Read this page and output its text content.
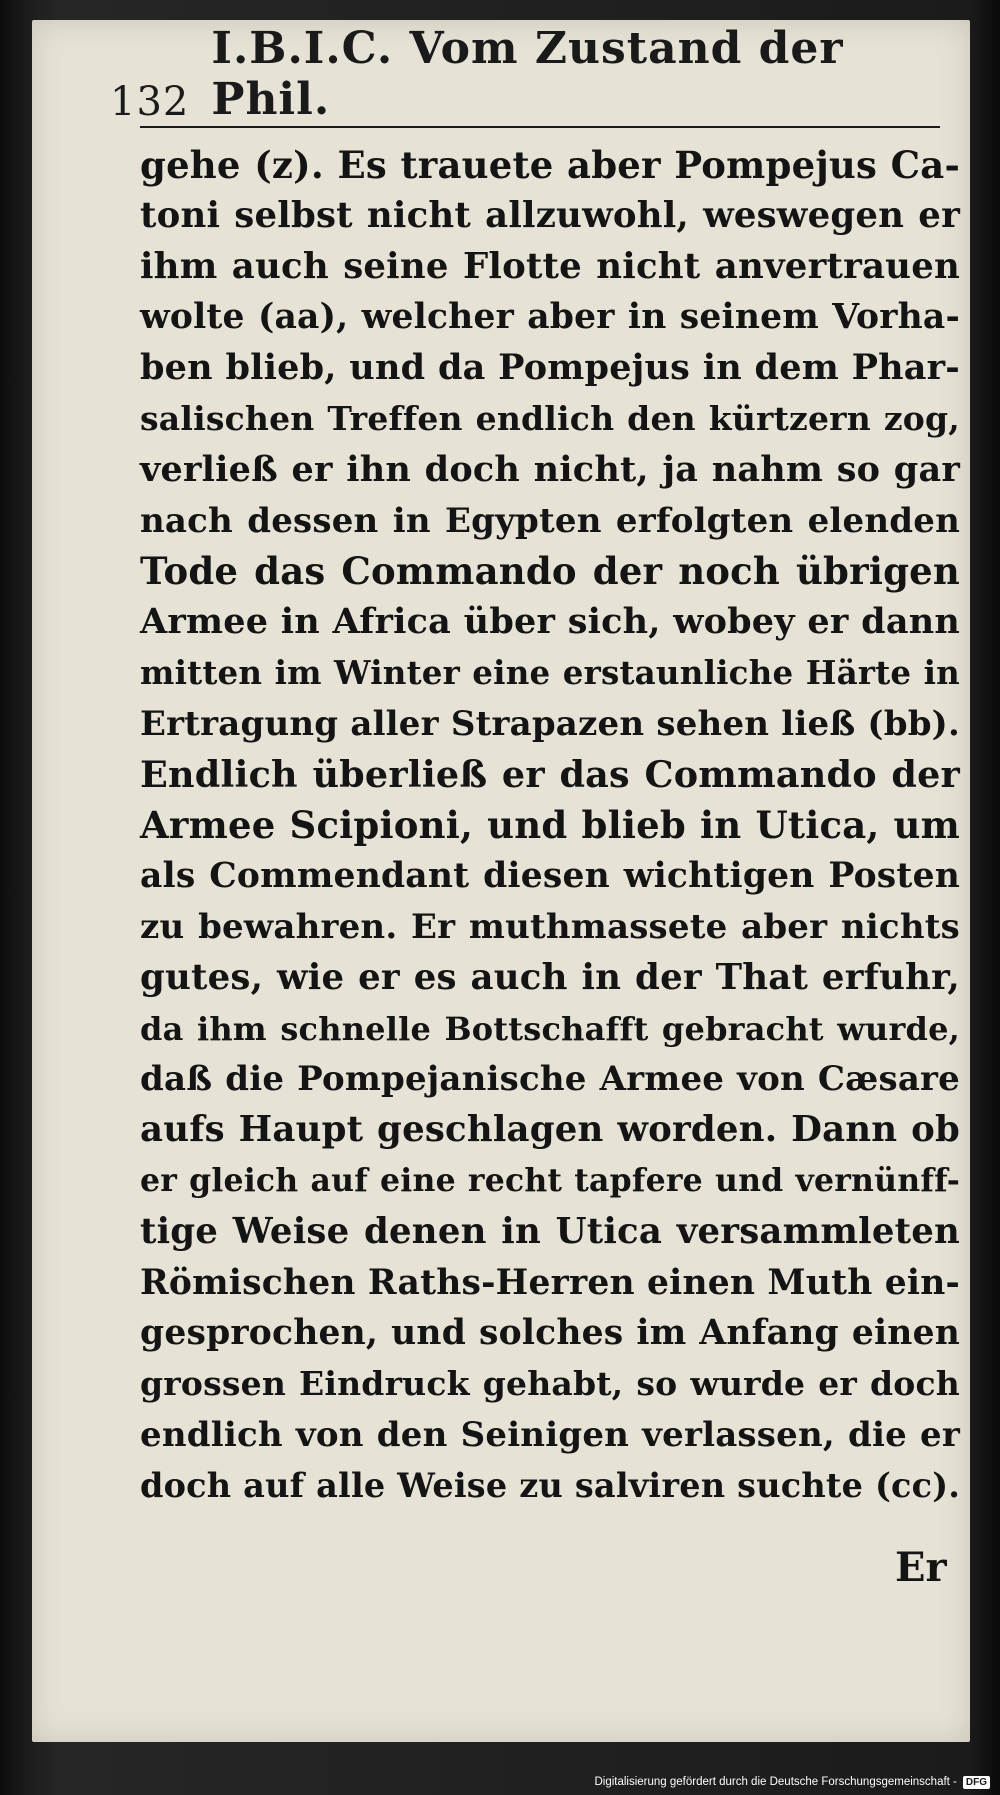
132
I.B.I.C. Vom Zustand der Phil.
gehe (z). Es trauete aber Pompejus Ca-
toni selbst nicht allzuwohl, weswegen er
ihm auch seine Flotte nicht anvertrauen
wolte (aa), welcher aber in seinem Vorha-
ben blieb, und da Pompejus in dem Phar-
salischen Treffen endlich den kürtzern zog,
verließ er ihn doch nicht, ja nahm so gar
nach dessen in Egypten erfolgten elenden
Tode das Commando der noch übrigen
Armee in Africa über sich, wobey er dann
mitten im Winter eine erstaunliche Härte in
Ertragung aller Strapazen sehen ließ (bb).
Endlich überließ er das Commando der
Armee Scipioni, und blieb in Utica, um
als Commendant diesen wichtigen Posten
zu bewahren. Er muthmassete aber nichts
gutes, wie er es auch in der That erfuhr,
da ihm schnelle Bottschafft gebracht wurde,
daß die Pompejanische Armee von Cæsare
aufs Haupt geschlagen worden. Dann ob
er gleich auf eine recht tapfere und vernünff-
tige Weise denen in Utica versammleten
Römischen Raths-Herren einen Muth ein-
gesprochen, und solches im Anfang einen
grossen Eindruck gehabt, so wurde er doch
endlich von den Seinigen verlassen, die er
doch auf alle Weise zu salviren suchte (cc).
Er
Digitalisierung gefördert durch die Deutsche Forschungsgemeinschaft - DFG
